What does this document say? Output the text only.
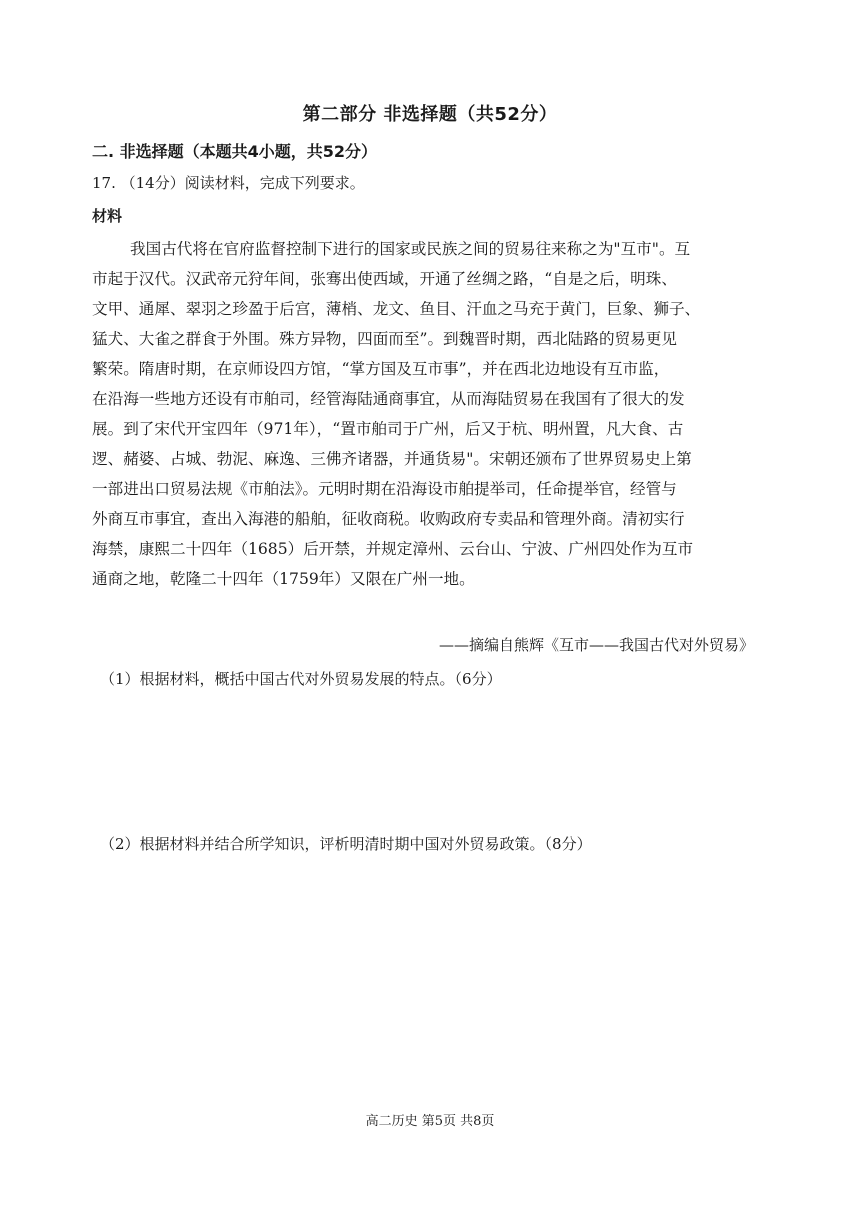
第二部分 非选择题（共52分）
二. 非选择题（本题共4小题，共52分）
17. （14分）阅读材料，完成下列要求。
材料
我国古代将在官府监督控制下进行的国家或民族之间的贸易往来称之为"互市"。互
市起于汉代。汉武帝元狩年间，张骞出使西域，开通了丝绸之路，“自是之后，明珠、
文甲、通犀、翠羽之珍盈于后宫，薄梢、龙文、鱼目、汗血之马充于黄门，巨象、狮子、
猛犬、大雀之群食于外围。殊方异物，四面而至”。到魏晋时期，西北陆路的贸易更见
繁荣。隋唐时期，在京师设四方馆，“掌方国及互市事”，并在西北边地设有互市监，
在沿海一些地方还设有市舶司，经管海陆通商事宜，从而海陆贸易在我国有了很大的发
展。到了宋代开宝四年（971年），“置市舶司于广州，后又于杭、明州置，凡大食、古
逻、赭婆、占城、勃泥、麻逸、三佛齐诸器，并通货易"。宋朝还颁布了世界贸易史上第
一部进出口贸易法规《市舶法》。元明时期在沿海设市舶提举司，任命提举官，经管与
外商互市事宜，查出入海港的船舶，征收商税。收购政府专卖品和管理外商。清初实行
海禁，康熙二十四年（1685）后开禁，并规定漳州、云台山、宁波、广州四处作为互市
通商之地，乾隆二十四年（1759年）又限在广州一地。
——摘编自熊辉《互市——我国古代对外贸易》
（1）根据材料，概括中国古代对外贸易发展的特点。（6分）
（2）根据材料并结合所学知识，评析明清时期中国对外贸易政策。（8分）
高二历史 第5页 共8页
